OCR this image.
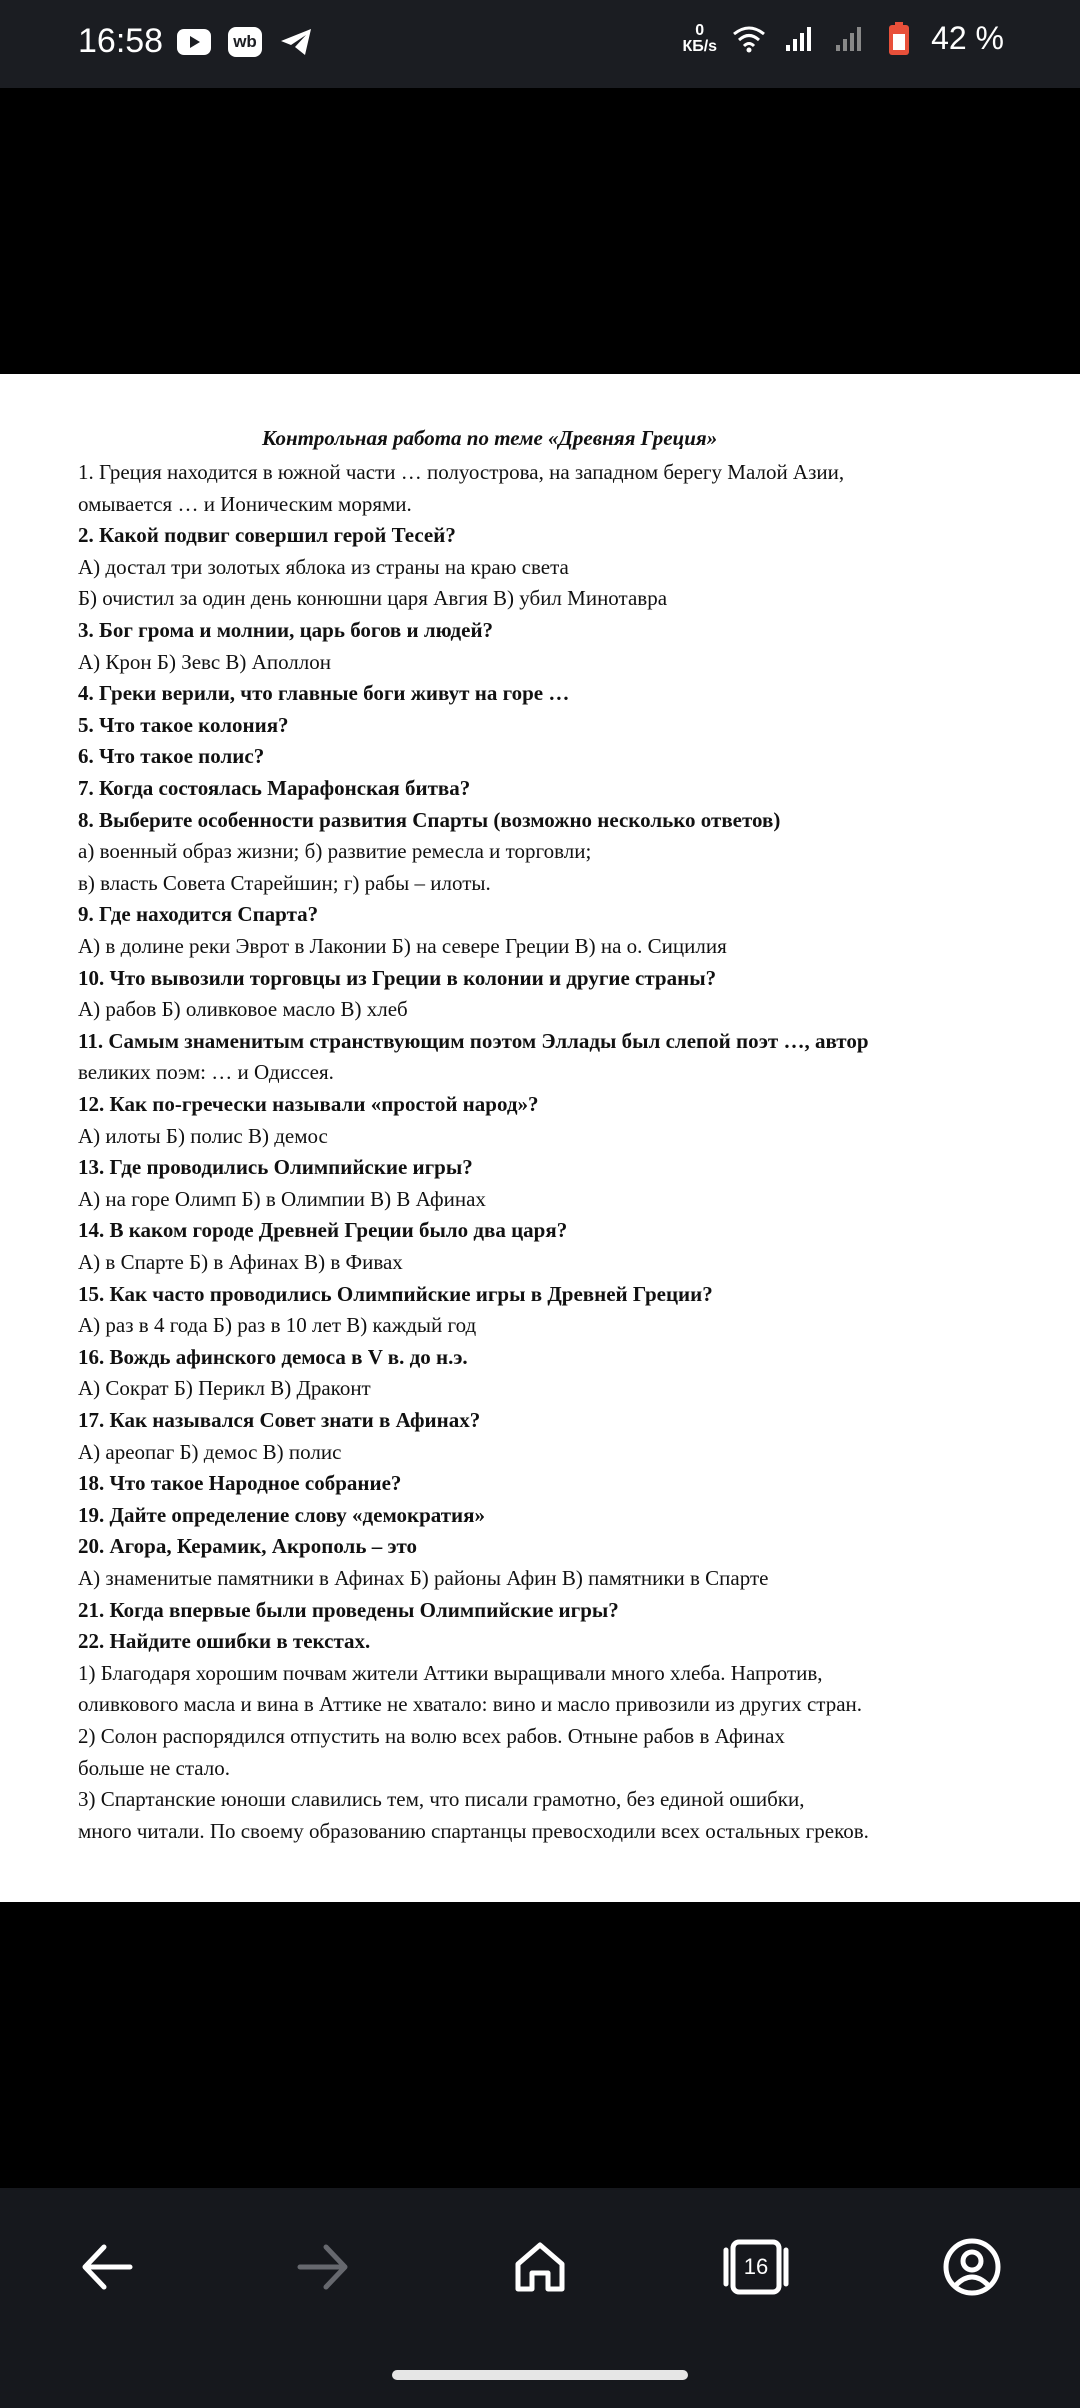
16:58	wb
0
КБ/s	42 %
Контрольная работа по теме «Древняя Греция»
1. Греция находится в южной части … полуострова, на западном берегу Малой Азии,
омывается … и Ионическим морями.
2. Какой подвиг совершил герой Тесей?
А) достал три золотых яблока из страны на краю света
Б) очистил за один день конюшни царя Авгия В) убил Минотавра
3. Бог грома и молнии, царь богов и людей?
А) Крон Б) Зевс В) Аполлон
4. Греки верили, что главные боги живут на горе …
5. Что такое колония?
6. Что такое полис?
7. Когда состоялась Марафонская битва?
8. Выберите особенности развития Спарты (возможно несколько ответов)
а) военный образ жизни; б) развитие ремесла и торговли;
в) власть Совета Старейшин; г) рабы – илоты.
9. Где находится Спарта?
А) в долине реки Эврот в Лаконии Б) на севере Греции В) на о. Сицилия
10. Что вывозили торговцы из Греции в колонии и другие страны?
А) рабов Б) оливковое масло В) хлеб
11. Самым знаменитым странствующим поэтом Эллады был слепой поэт …, автор
великих поэм: … и Одиссея.
12. Как по-гречески называли «простой народ»?
А) илоты Б) полис В) демос
13. Где проводились Олимпийские игры?
А) на горе Олимп Б) в Олимпии В) В Афинах
14. В каком городе Древней Греции было два царя?
А) в Спарте Б) в Афинах В) в Фивах
15. Как часто проводились Олимпийские игры в Древней Греции?
А) раз в 4 года Б) раз в 10 лет В) каждый год
16. Вождь афинского демоса в V в. до н.э.
А) Сократ Б) Перикл В) Драконт
17. Как назывался Совет знати в Афинах?
А) ареопаг Б) демос В) полис
18. Что такое Народное собрание?
19. Дайте определение слову «демократия»
20. Агора, Керамик, Акрополь – это
А) знаменитые памятники в Афинах Б) районы Афин В) памятники в Спарте
21. Когда впервые были проведены Олимпийские игры?
22. Найдите ошибки в текстах.
1) Благодаря хорошим почвам жители Аттики выращивали много хлеба. Напротив,
оливкового масла и вина в Аттике не хватало: вино и масло привозили из других стран.
2) Солон распорядился отпустить на волю всех рабов. Отныне рабов в Афинах
больше не стало.
3) Спартанские юноши славились тем, что писали грамотно, без единой ошибки,
много читали. По своему образованию спартанцы превосходили всех остальных греков.
16
